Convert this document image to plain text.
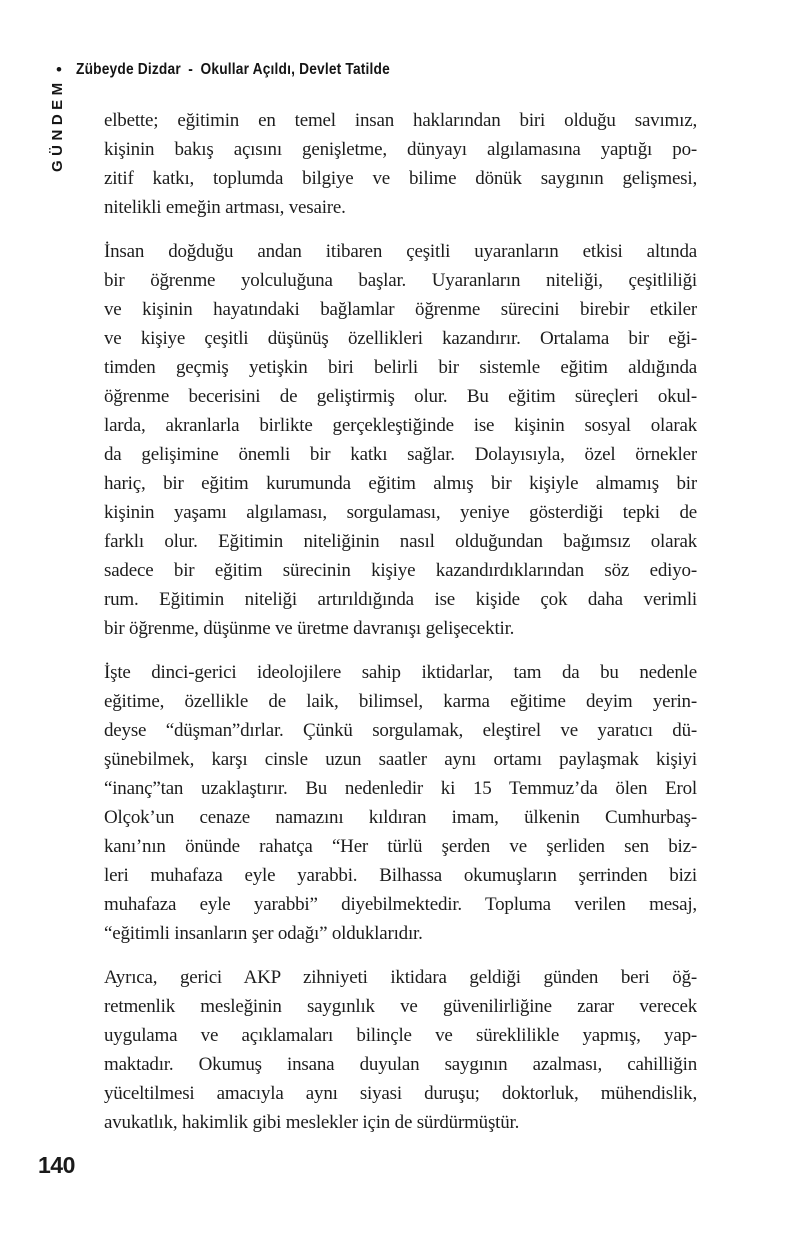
• Zübeyde Dizdar - Okullar Açıldı, Devlet Tatilde
GÜNDEM elbette; eğitimin en temel insan haklarından biri olduğu savımız,
kişinin bakış açısını genişletme, dünyayı algılamasına yaptığı po-
zitif katkı, toplumda bilgiye ve bilime dönük saygının gelişmesi,
nitelikli emeğin artması, vesaire.
İnsan doğduğu andan itibaren çeşitli uyaranların etkisi altında
bir öğrenme yolculuğuna başlar. Uyaranların niteliği, çeşitliliği
ve kişinin hayatındaki bağlamlar öğrenme sürecini birebir etkiler
ve kişiye çeşitli düşünüş özellikleri kazandırır. Ortalama bir eği-
timden geçmiş yetişkin biri belirli bir sistemle eğitim aldığında
öğrenme becerisini de geliştirmiş olur. Bu eğitim süreçleri okul-
larda, akranlarla birlikte gerçekleştiğinde ise kişinin sosyal olarak
da gelişimine önemli bir katkı sağlar. Dolayısıyla, özel örnekler
hariç, bir eğitim kurumunda eğitim almış bir kişiyle almamış bir
kişinin yaşamı algılaması, sorgulaması, yeniye gösterdiği tepki de
farklı olur. Eğitimin niteliğinin nasıl olduğundan bağımsız olarak
sadece bir eğitim sürecinin kişiye kazandırdıklarından söz ediyo-
rum. Eğitimin niteliği artırıldığında ise kişide çok daha verimli
bir öğrenme, düşünme ve üretme davranışı gelişecektir.
İşte dinci-gerici ideolojilere sahip iktidarlar, tam da bu nedenle
eğitime, özellikle de laik, bilimsel, karma eğitime deyim yerin-
deyse “düşman”dırlar. Çünkü sorgulamak, eleştirel ve yaratıcı dü-
şünebilmek, karşı cinsle uzun saatler aynı ortamı paylaşmak kişiyi
“inanç”tan uzaklaştırır. Bu nedenledir ki 15 Temmuz’da ölen Erol
Olçok’un cenaze namazını kıldıran imam, ülkenin Cumhurbaş-
kanı’nın önünde rahatça “Her türlü şerden ve şerliden sen biz-
leri muhafaza eyle yarabbi. Bilhassa okumuşların şerrinden bizi
muhafaza eyle yarabbi” diyebilmektedir. Topluma verilen mesaj,
“eğitimli insanların şer odağı” olduklarıdır.
Ayrıca, gerici AKP zihniyeti iktidara geldiği günden beri öğ-
retmenlik mesleğinin saygınlık ve güvenilirliğine zarar verecek
uygulama ve açıklamaları bilinçle ve süreklilikle yapmış, yap-
maktadır. Okumuş insana duyulan saygının azalması, cahilliğin
yüceltilmesi amacıyla aynı siyasi duruşu; doktorluk, mühendislik,
avukatlık, hakimlik gibi meslekler için de sürdürmüştür.
140
